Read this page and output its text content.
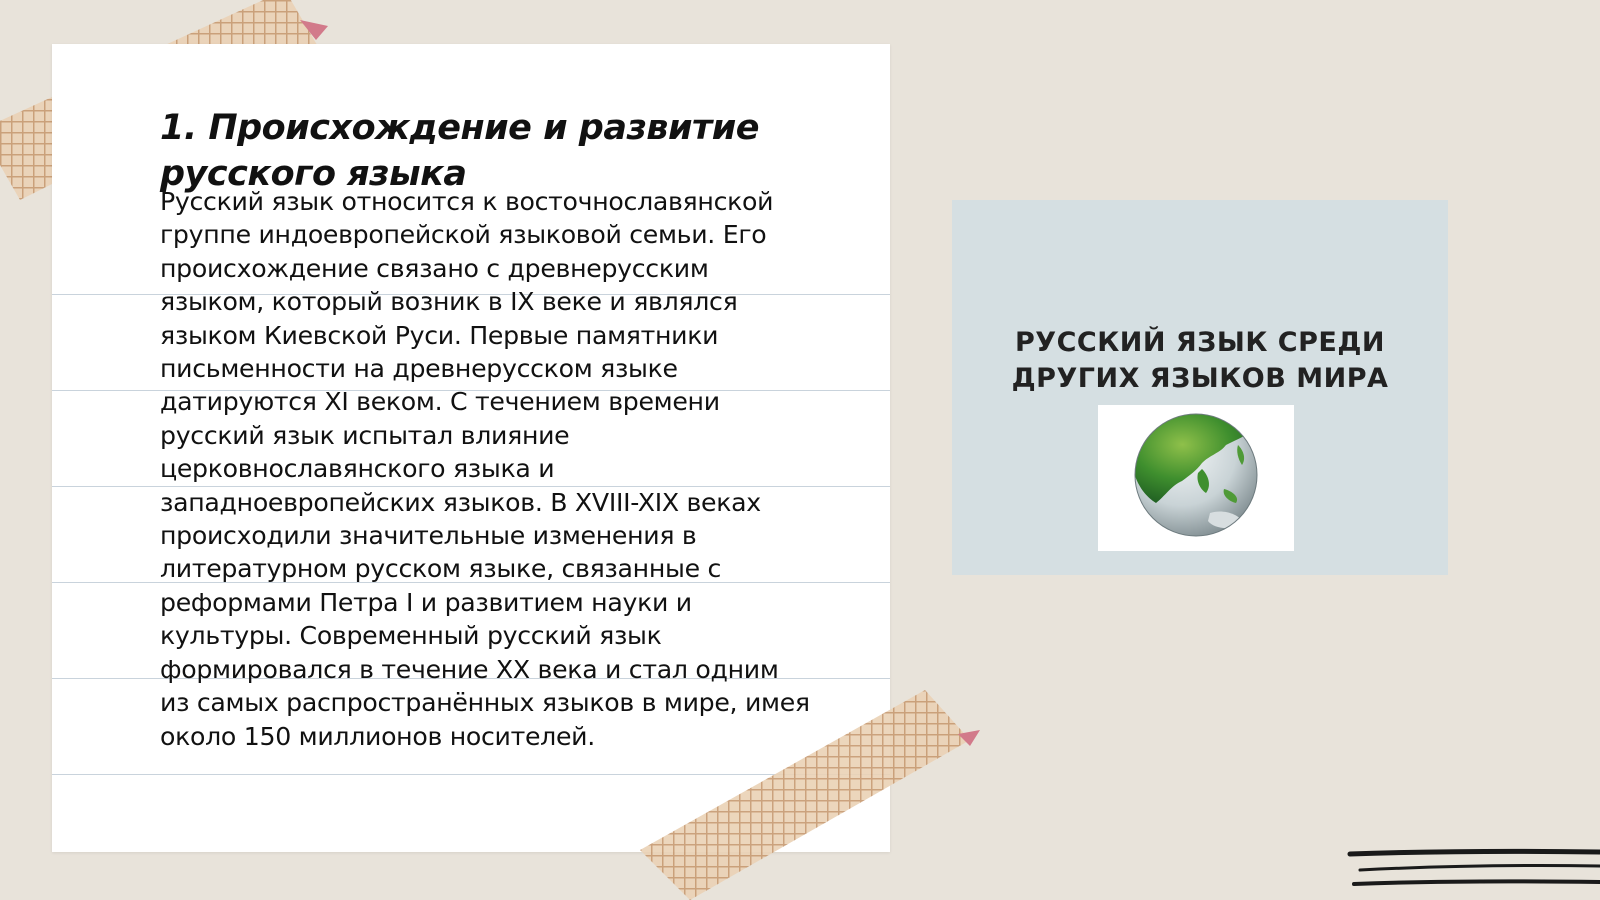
1. Происхождение и развитие русского языка

Русский язык относится к восточнославянской группе индоевропейской языковой семьи. Его происхождение связано с древнерусским языком, который возник в IX веке и являлся языком Киевской Руси. Первые памятники письменности на древнерусском языке датируются XI веком. С течением времени русский язык испытал влияние церковнославянского языка и западноевропейских языков. В XVIII-XIX веках происходили значительные изменения в литературном русском языке, связанные с реформами Петра I и развитием науки и культуры. Современный русский язык формировался в течение XX века и стал одним из самых распространённых языков в мире, имея около 150 миллионов носителей.

РУССКИЙ ЯЗЫК СРЕДИ
ДРУГИХ ЯЗЫКОВ МИРА
